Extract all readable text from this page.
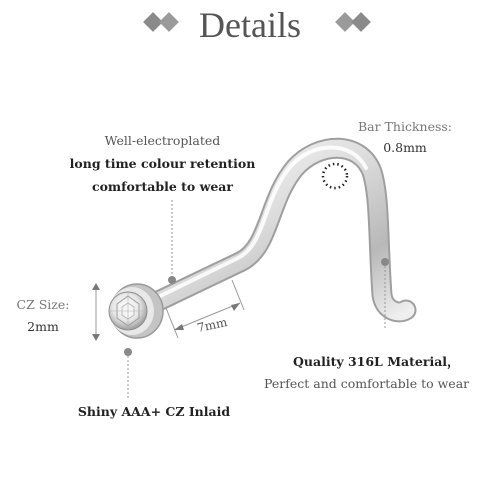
Details
Well-electroplated
long time colour retention
comfortable to wear
Bar Thickness:
0.8mm
CZ Size:
2mm	7mm
Quality 316L Material，
Perfect and comfortable to wear
Shiny AAA+ CZ Inlaid
